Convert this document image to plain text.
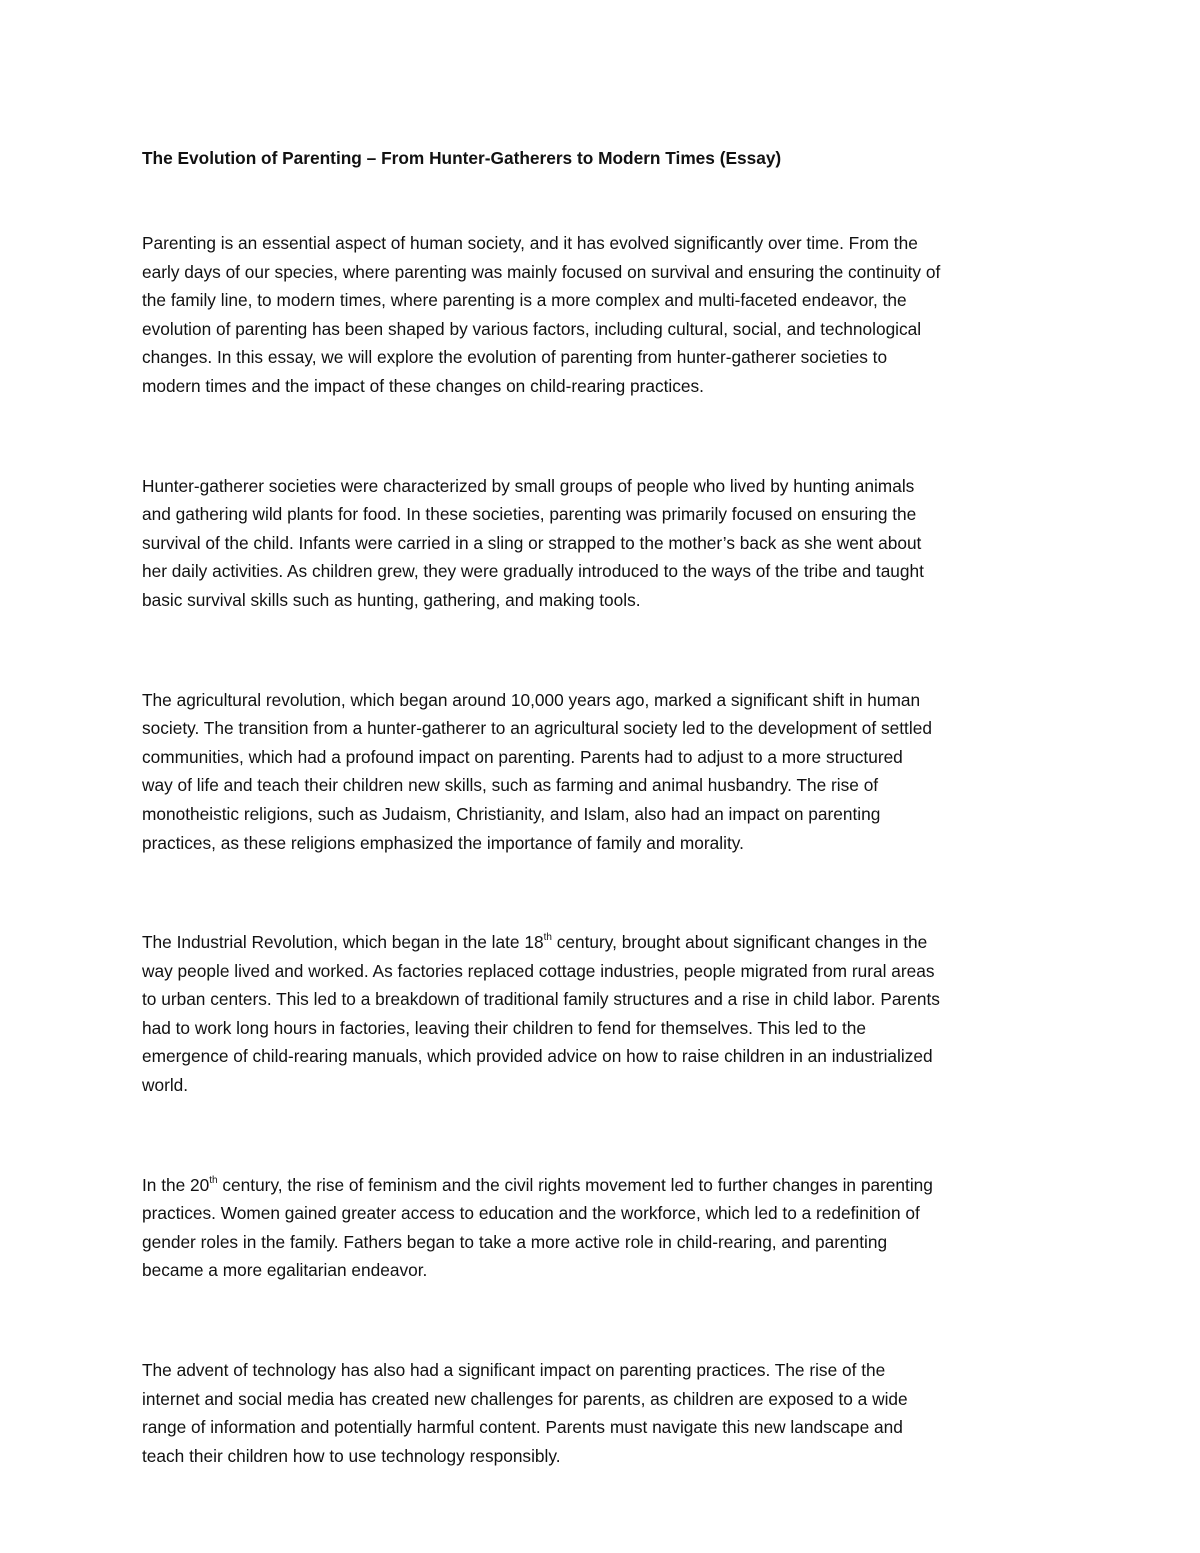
The Evolution of Parenting – From Hunter-Gatherers to Modern Times (Essay)
Parenting is an essential aspect of human society, and it has evolved significantly over time. From the
early days of our species, where parenting was mainly focused on survival and ensuring the continuity of
the family line, to modern times, where parenting is a more complex and multi-faceted endeavor, the
evolution of parenting has been shaped by various factors, including cultural, social, and technological
changes. In this essay, we will explore the evolution of parenting from hunter-gatherer societies to
modern times and the impact of these changes on child-rearing practices.
Hunter-gatherer societies were characterized by small groups of people who lived by hunting animals
and gathering wild plants for food. In these societies, parenting was primarily focused on ensuring the
survival of the child. Infants were carried in a sling or strapped to the mother’s back as she went about
her daily activities. As children grew, they were gradually introduced to the ways of the tribe and taught
basic survival skills such as hunting, gathering, and making tools.
The agricultural revolution, which began around 10,000 years ago, marked a significant shift in human
society. The transition from a hunter-gatherer to an agricultural society led to the development of settled
communities, which had a profound impact on parenting. Parents had to adjust to a more structured
way of life and teach their children new skills, such as farming and animal husbandry. The rise of
monotheistic religions, such as Judaism, Christianity, and Islam, also had an impact on parenting
practices, as these religions emphasized the importance of family and morality.
The Industrial Revolution, which began in the late 18th century, brought about significant changes in the
way people lived and worked. As factories replaced cottage industries, people migrated from rural areas
to urban centers. This led to a breakdown of traditional family structures and a rise in child labor. Parents
had to work long hours in factories, leaving their children to fend for themselves. This led to the
emergence of child-rearing manuals, which provided advice on how to raise children in an industrialized
world.
In the 20th century, the rise of feminism and the civil rights movement led to further changes in parenting
practices. Women gained greater access to education and the workforce, which led to a redefinition of
gender roles in the family. Fathers began to take a more active role in child-rearing, and parenting
became a more egalitarian endeavor.
The advent of technology has also had a significant impact on parenting practices. The rise of the
internet and social media has created new challenges for parents, as children are exposed to a wide
range of information and potentially harmful content. Parents must navigate this new landscape and
teach their children how to use technology responsibly.
